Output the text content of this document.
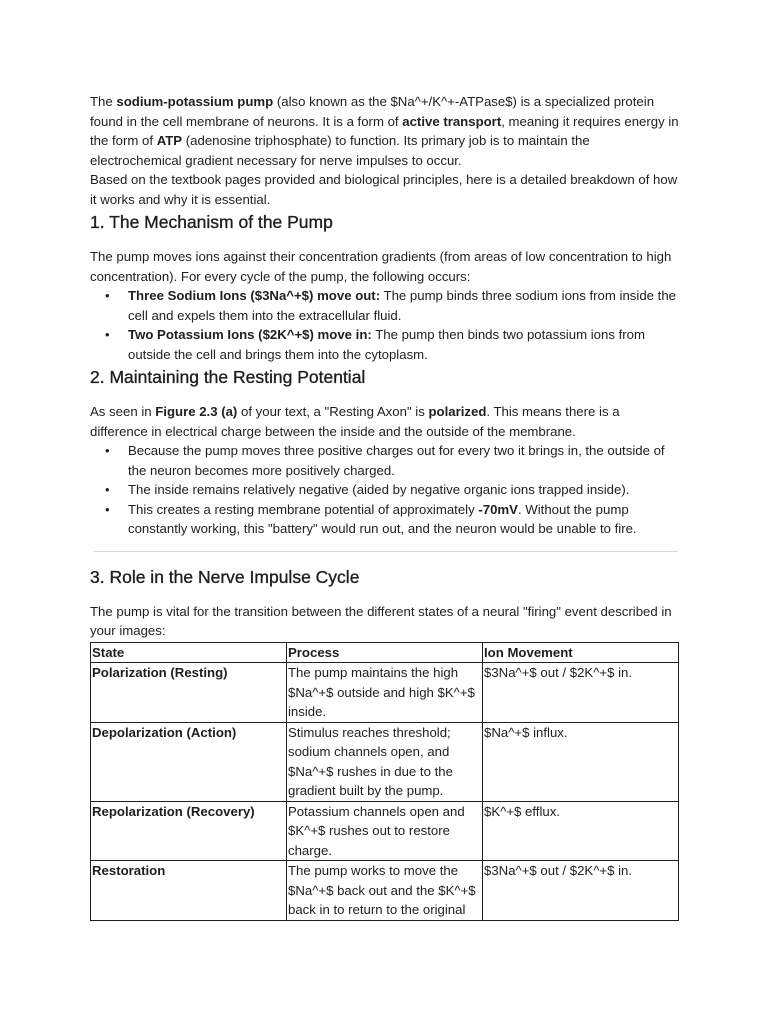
The sodium-potassium pump (also known as the $Na^+/K^+-ATPase$) is a specialized protein found in the cell membrane of neurons. It is a form of active transport, meaning it requires energy in the form of ATP (adenosine triphosphate) to function. Its primary job is to maintain the electrochemical gradient necessary for nerve impulses to occur.

Based on the textbook pages provided and biological principles, here is a detailed breakdown of how it works and why it is essential.

1. The Mechanism of the Pump

The pump moves ions against their concentration gradients (from areas of low concentration to high concentration). For every cycle of the pump, the following occurs:

• Three Sodium Ions ($3Na^+$) move out: The pump binds three sodium ions from inside the cell and expels them into the extracellular fluid.
• Two Potassium Ions ($2K^+$) move in: The pump then binds two potassium ions from outside the cell and brings them into the cytoplasm.
2. Maintaining the Resting Potential

As seen in Figure 2.3 (a) of your text, a "Resting Axon" is polarized. This means there is a difference in electrical charge between the inside and the outside of the membrane.

• Because the pump moves three positive charges out for every two it brings in, the outside of the neuron becomes more positively charged.
• The inside remains relatively negative (aided by negative organic ions trapped inside).
• This creates a resting membrane potential of approximately -70mV. Without the pump constantly working, this "battery" would run out, and the neuron would be unable to fire.
3. Role in the Nerve Impulse Cycle

The pump is vital for the transition between the different states of a neural "firing" event described in your images:

State	Process	Ion Movement
Polarization (Resting)	The pump maintains the high $Na^+$ outside and high $K^+$ inside.	$3Na^+$ out / $2K^+$ in.
Depolarization (Action)	Stimulus reaches threshold; sodium channels open, and $Na^+$ rushes in due to the gradient built by the pump.	$Na^+$ influx.
Repolarization (Recovery)	Potassium channels open and $K^+$ rushes out to restore charge.	$K^+$ efflux.
Restoration	The pump works to move the $Na^+$ back out and the $K^+$ back in to return to the original	$3Na^+$ out / $2K^+$ in.
